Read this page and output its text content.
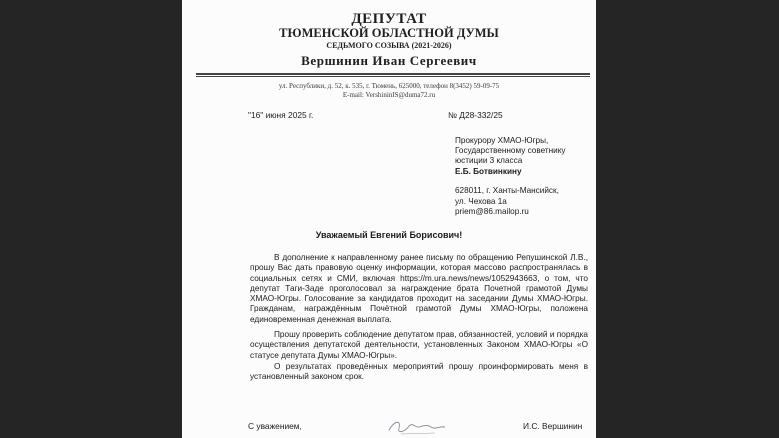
ДЕПУТАТ
ТЮМЕНСКОЙ ОБЛАСТНОЙ ДУМЫ
СЕДЬМОГО СОЗЫВА (2021-2026)
Вершинин Иван Сергеевич
ул. Республики, д. 52, к. 535, г. Тюмень, 625000, телефон 8(3452) 59-09-75
E-mail: VershininIS@duma72.ru
"16" июня 2025 г.	№ Д28-332/25
Прокурору ХМАО-Югры,
Государственному советнику
юстиции 3 класса
Е.Б. Ботвинкину
628011, г. Ханты-Мансийск,
ул. Чехова 1а
priem@86.mailop.ru
Уважаемый Евгений Борисович!
В дополнение к направленному ранее письму по обращению Репушинской Л.В., прошу Вас дать правовую оценку информации, которая массово распространялась в социальных сетях и СМИ, включая https://m.ura.news/news/1052943663, о том, что депутат Таги-Заде проголосовал за награждение брата Почетной грамотой Думы ХМАО-Югры. Голосование за кандидатов проходит на заседании Думы ХМАО-Югры. Гражданам, награждённым Почётной грамотой Думы ХМАО-Югры, положена единовременная денежная выплата.
Прошу проверить соблюдение депутатом прав, обязанностей, условий и порядка осуществления депутатской деятельности, установленных Законом ХМАО-Югры «О статусе депутата Думы ХМАО-Югры».
О результатах проведённых мероприятий прошу проинформировать меня в установленный законом срок.
С уважением,	И.С. Вершинин
